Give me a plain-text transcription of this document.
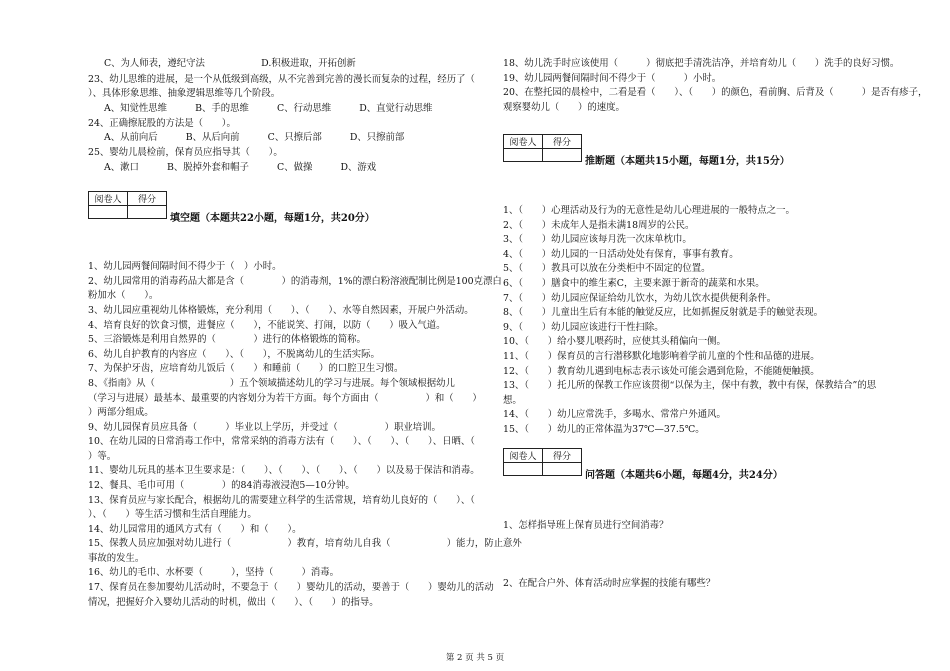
C、为人师表，遵纪守法　　　　　　D.积极进取，开拓创新
23、幼儿思维的进展，是一个从低级到高级，从不完善到完善的漫长而复杂的过程，经历了（
）、具体形象思维、抽象逻辑思维等几个阶段。
A、知觉性思维　　　B、手的思维　　　C、行动思维　　　D、直觉行动思维
24、正确擦屁股的方法是（　　）。
A、从前向后　　　B、从后向前　　　C、只擦后部　　　D、只擦前部
25、婴幼儿晨检前，保育员应指导其（　　）。
A、漱口　　　B、脱掉外套和帽子　　　C、做操　　　D、游戏
阅卷人	得分

填空题（本题共22小题，每题1分，共20分）
1、幼儿园两餐间隔时间不得少于（　）小时。
2、幼儿园常用的消毒药品大都是含（　　　　）的消毒剂，1%的漂白粉溶液配制比例是100克漂白
粉加水（　　）。
3、幼儿园应重视幼儿体格锻炼，充分利用（　　）、（　　）、水等自然因素，开展户外活动。
4、培育良好的饮食习惯，进餐应（　　），不能说笑、打闹，以防（　　）吸入气道。
5、三浴锻炼是利用自然界的（　　　　）进行的体格锻炼的简称。
6、幼儿自护教育的内容应（　　）、（　　），不脱离幼儿的生活实际。
7、为保护牙齿，应培育幼儿饭后（　　）和睡前（　　）的口腔卫生习惯。
8、《指南》从（　　　　　　　　）五个领域描述幼儿的学习与进展。每个领域根据幼儿
（学习与进展）最基本、最重要的内容划分为若干方面。每个方面由（　　　　　）和（　　）
）两部分组成。
9、幼儿园保育员应具备（　　　）毕业以上学历，并受过（　　　　　）职业培训。
10、在幼儿园的日常消毒工作中，常常采纳的消毒方法有（　　）、（　　）、（　　）、日晒、（
）等。
11、婴幼儿玩具的基本卫生要求是：（　　）、（　　）、（　　）、（　　）以及易于保洁和消毒。
12、餐具、毛巾可用（　　　　）的84消毒液浸泡5—10分钟。
13、保育员应与家长配合，根据幼儿的需要建立科学的生活常规，培育幼儿良好的（　　）、（
）、（　　）等生活习惯和生活自理能力。
14、幼儿园常用的通风方式有（　　）和（　　）。
15、保教人员应加强对幼儿进行（　　　　　　）教育，培育幼儿自我（　　　　　　）能力，防止意外
事故的发生。
16、幼儿的毛巾、水杯要（　　　），坚持（　　　）消毒。
17、保育员在参加婴幼儿活动时，不要急于（　　）婴幼儿的活动，要善于（　　）婴幼儿的活动
情况，把握好介入婴幼儿活动的时机，做出（　　）、（　　）的指导。
18、幼儿洗手时应该使用（　　　）彻底把手清洗洁净，并培育幼儿（　　）洗手的良好习惯。
19、幼儿园两餐间隔时间不得少于（　　　）小时。
20、在整托园的晨检中，二看是看（　　）、（　　）的颜色，看前胸、后背及（　　　）是否有疹子，
观察婴幼儿（　　）的速度。
阅卷人	得分

推断题（本题共15小题，每题1分，共15分）
1、（　　）心理活动及行为的无意性是幼儿心理进展的一般特点之一。
2、（　　）未成年人是指未满18周岁的公民。
3、（　　）幼儿园应该每月洗一次床单枕巾。
4、（　　）幼儿园的一日活动处处有保育，事事有教育。
5、（　　）教具可以放在分类柜中不固定的位置。
6、（　　）膳食中的维生素C，主要来源于新奇的蔬菜和水果。
7、（　　）幼儿园应保证给幼儿饮水，为幼儿饮水提供便利条件。
8、（　　）儿童出生后有本能的触觉反应，比如抓握反射就是手的触觉表现。
9、（　　）幼儿园应该进行干性扫除。
10、（　　）给小婴儿喂药时，应使其头稍偏向一侧。
11、（　　）保育员的言行潜移默化地影响着学前儿童的个性和品德的进展。
12、（　　）教育幼儿遇到电标志表示该处可能会遇到危险，不能随便触摸。
13、（　　）托儿所的保教工作应该贯彻“以保为主，保中有教，教中有保，保教结合”的思
想。
14、（　　）幼儿应常洗手，多喝水、常常户外通风。
15、（　　）幼儿的正常体温为37℃—37.5℃。
阅卷人	得分

问答题（本题共6小题，每题4分，共24分）
1、怎样指导班上保育员进行空间消毒？
2、在配合户外、体育活动时应掌握的技能有哪些？
第 2 页 共 5 页
